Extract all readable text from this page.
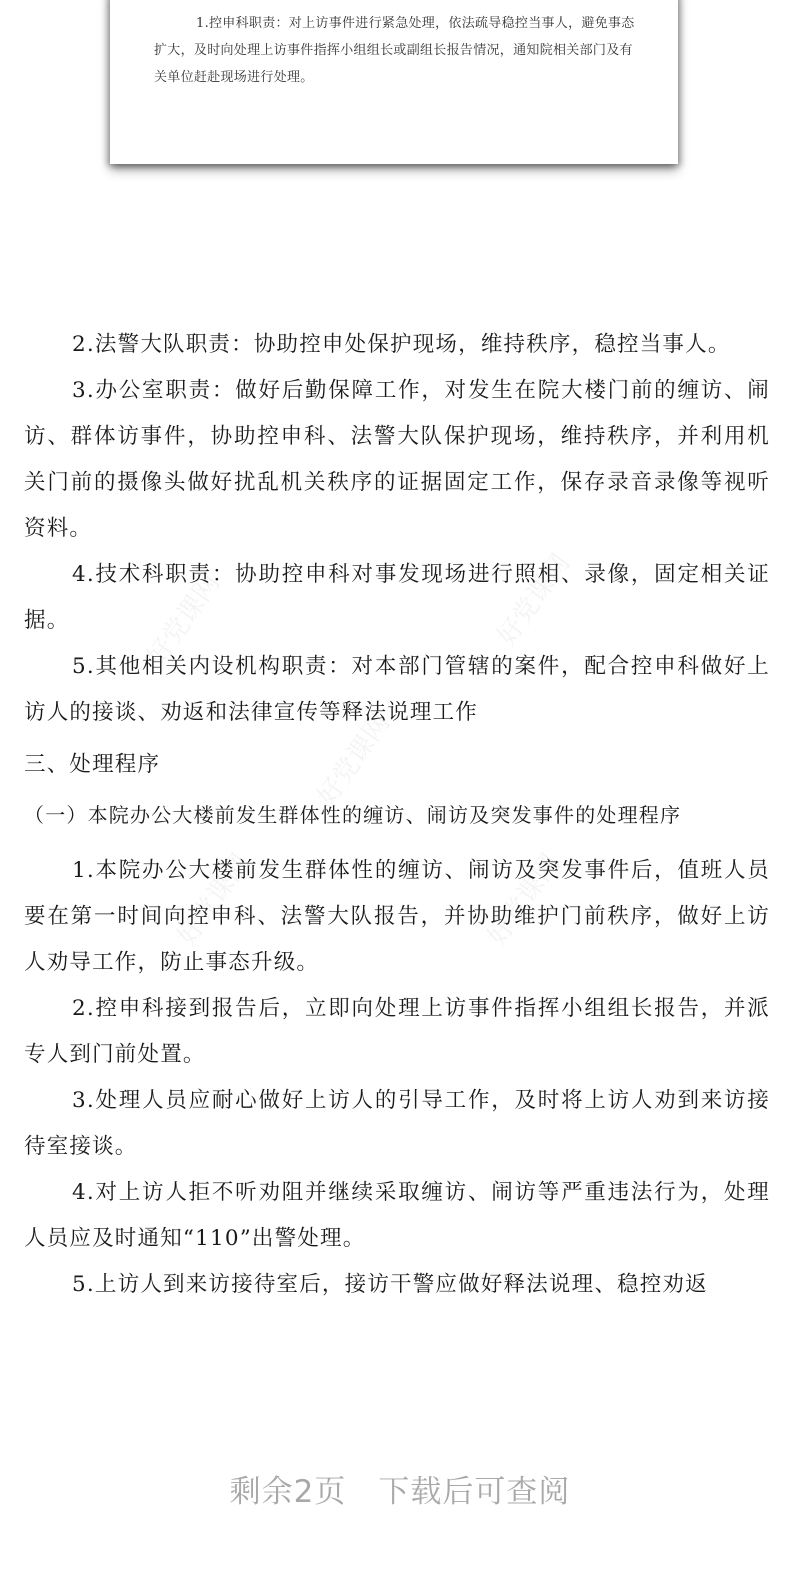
1.控申科职责：对上访事件进行紧急处理，依法疏导稳控当事人，避免事态扩大，及时向处理上访事件指挥小组组长或副组长报告情况，通知院相关部门及有关单位赶赴现场进行处理。

2.法警大队职责：协助控申处保护现场，维持秩序，稳控当事人。

3.办公室职责：做好后勤保障工作，对发生在院大楼门前的缠访、闹访、群体访事件，协助控申科、法警大队保护现场，维持秩序，并利用机关门前的摄像头做好扰乱机关秩序的证据固定工作，保存录音录像等视听资料。

4.技术科职责：协助控申科对事发现场进行照相、录像，固定相关证据。

5.其他相关内设机构职责：对本部门管辖的案件，配合控申科做好上访人的接谈、劝返和法律宣传等释法说理工作

三、处理程序
（一）本院办公大楼前发生群体性的缠访、闹访及突发事件的处理程序

1.本院办公大楼前发生群体性的缠访、闹访及突发事件后，值班人员要在第一时间向控申科、法警大队报告，并协助维护门前秩序，做好上访人劝导工作，防止事态升级。

2.控申科接到报告后，立即向处理上访事件指挥小组组长报告，并派专人到门前处置。

3.处理人员应耐心做好上访人的引导工作，及时将上访人劝到来访接待室接谈。

4.对上访人拒不听劝阻并继续采取缠访、闹访等严重违法行为，处理人员应及时通知“110”出警处理。

5.上访人到来访接待室后，接访干警应做好释法说理、稳控劝返

好党课网	好党课网
好党课网
好党课网	好党课网
剩余2页 下载后可查阅
